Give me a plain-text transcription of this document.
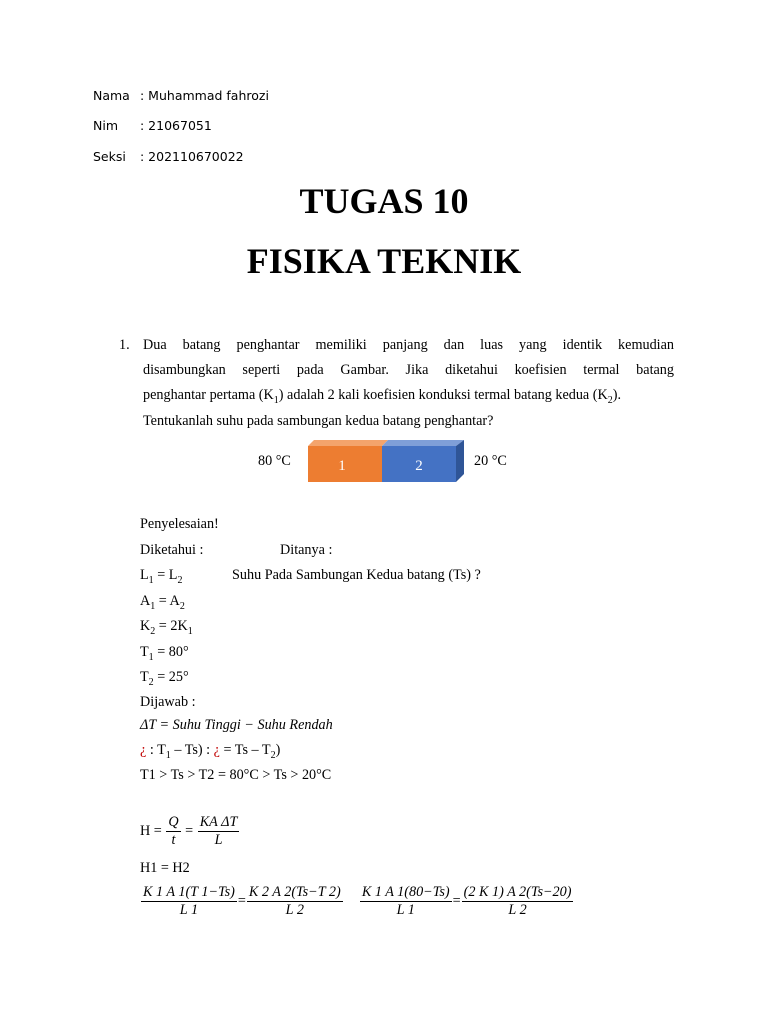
Nama : Muhammad fahrozi
Nim : 21067051
Seksi : 202110670022
TUGAS 10
FISIKA TEKNIK
1. Dua batang penghantar memiliki panjang dan luas yang identik kemudian
disambungkan seperti pada Gambar. Jika diketahui koefisien termal batang
penghantar pertama $(K_1)$ adalah 2 kali koefisien konduksi termal batang kedua $(K_2)$.
Tentukanlah suhu pada sambungan kedua batang penghantar?
80 °C	20 °C
1	2
Penyelesaian!
Diketahui :	Ditanya :
$L_1 = L_2$	Suhu Pada Sambungan Kedua batang (Ts) ?
$A_1 = A_2$
$K_2 = 2K_1$
$T_1 = 80^\circ$
$T_2 = 25^\circ$
Dijawab :
ΔT = Suhu Tinggi − Suhu Rendah
¿ : $T_1 - Ts$) : ¿ = Ts – $T_2$)
T1 > Ts > T2 = 80°C > Ts > 20°C
$H = \frac{Q}{t} = \frac{\text{KA ΔT}}{L}$
H1 = H2
$\frac{K 1 A 1(T 1-Ts)}{L 1} = \frac{K 2 A 2(Ts-T 2)}{L 2}$
$\frac{K 1 A 1(80-Ts)}{L 1} = \frac{(2 K 1) A 2(Ts-20)}{L 2}$
